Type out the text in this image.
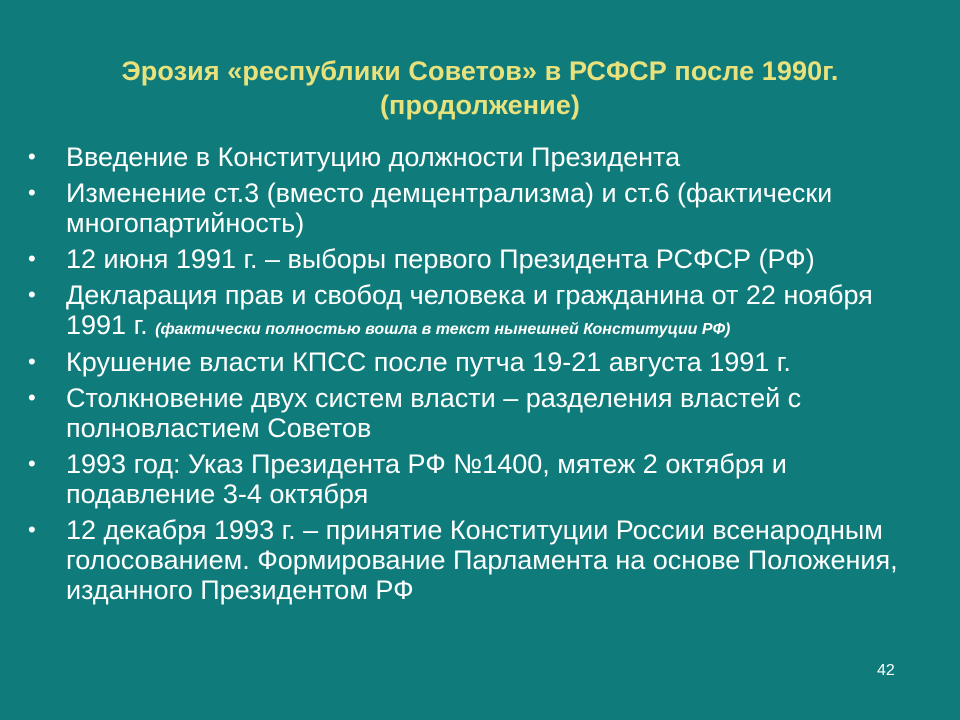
Эрозия «республики Советов» в РСФСР после 1990г.
(продолжение)
• Введение в Конституцию должности Президента
• Изменение ст.3 (вместо демцентрализма) и ст.6 (фактически многопартийность)
• 12 июня 1991 г. – выборы первого Президента РСФСР (РФ)
• Декларация прав и свобод человека и гражданина от 22 ноября 1991 г. (фактически полностью вошла в текст нынешней Конституции РФ)
• Крушение власти КПСС после путча 19-21 августа 1991 г.
• Столкновение двух систем власти – разделения властей с полновластием Советов
• 1993 год: Указ Президента РФ №1400, мятеж 2 октября и подавление 3-4 октября
• 12 декабря 1993 г. – принятие Конституции России всенародным голосованием. Формирование Парламента на основе Положения, изданного Президентом РФ
42
